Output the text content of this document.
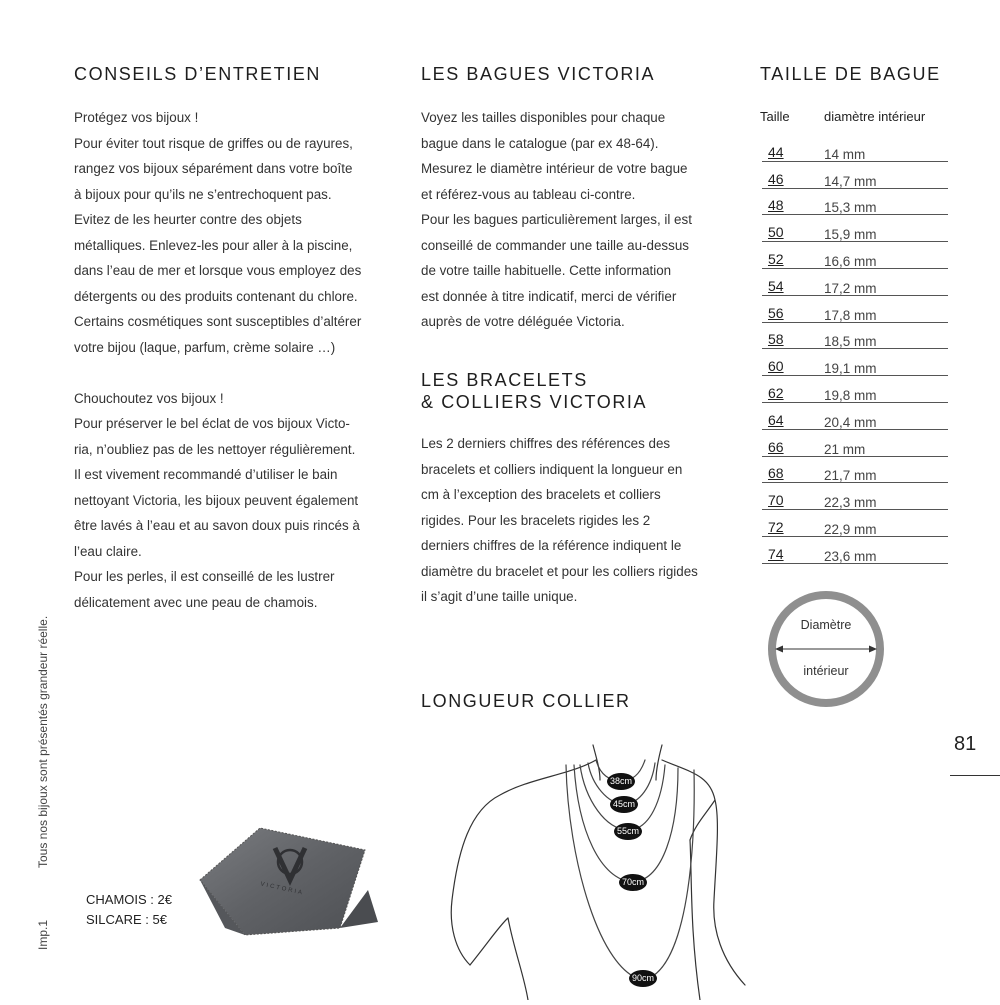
CONSEILS D’ENTRETIEN

Protégez vos bijoux !

Pour éviter tout risque de griffes ou de rayures,

rangez vos bijoux séparément dans votre boîte

à bijoux pour qu’ils ne s’entrechoquent pas.

Evitez de les heurter contre des objets

métalliques. Enlevez-les pour aller à la piscine,

dans l’eau de mer et lorsque vous employez des

détergents ou des produits contenant du chlore.

Certains cosmétiques sont susceptibles d’altérer

votre bijou (laque, parfum, crème solaire …)

Chouchoutez vos bijoux !

Pour préserver le bel éclat de vos bijoux Victo-

ria, n’oubliez pas de les nettoyer régulièrement.

Il est vivement recommandé d’utiliser le bain

nettoyant Victoria, les bijoux peuvent également

être lavés à l’eau et au savon doux puis rincés à

l’eau claire.

Pour les perles, il est conseillé de les lustrer

délicatement avec une peau de chamois.

LES BAGUES VICTORIA

Voyez les tailles disponibles pour chaque

bague dans le catalogue (par ex 48-64).

Mesurez le diamètre intérieur de votre bague

et référez-vous au tableau ci-contre.

Pour les bagues particulièrement larges, il est

conseillé de commander une taille au-dessus

de votre taille habituelle. Cette information

est donnée à titre indicatif, merci de vérifier

auprès de votre déléguée Victoria.

LES BRACELETS
& COLLIERS VICTORIA

Les 2 derniers chiffres des références des

bracelets et colliers indiquent la longueur en

cm à l’exception des bracelets et colliers

rigides. Pour les bracelets rigides les 2

derniers chiffres de la référence indiquent le

diamètre du bracelet et pour les colliers rigides

il s’agit d’une taille unique.

TAILLE DE BAGUE
Taille	diamètre intérieur
44	14 mm
46	14,7 mm
48	15,3 mm
50	15,9 mm
52	16,6 mm
54	17,2 mm
56	17,8 mm
58	18,5 mm
60	19,1 mm
62	19,8 mm
64	20,4 mm
66	21 mm
68	21,7 mm
70	22,3 mm
72	22,9 mm
74	23,6 mm
Diamètre
intérieur
81
LONGUEUR COLLIER
38cm
45cm
55cm
70cm
90cm
VICTORIA
CHAMOIS : 2€
SILCARE : 5€
Imp.1
Tous nos bijoux sont présentés grandeur réelle.
